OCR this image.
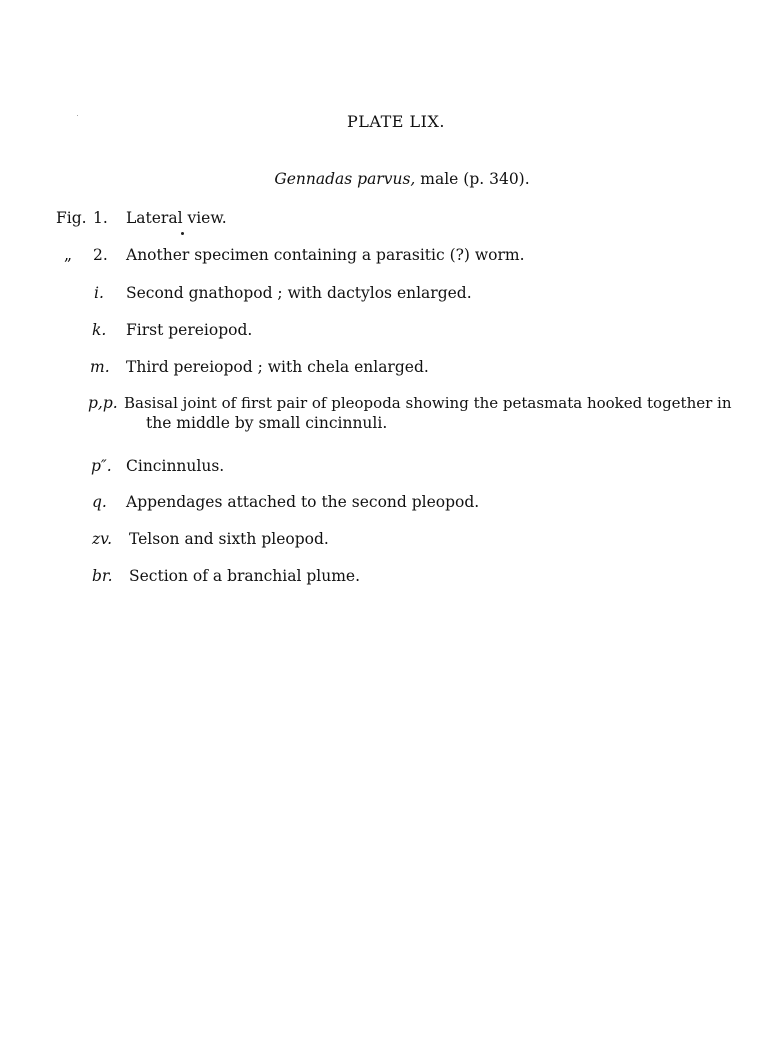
PLATE LIX.
Gennadas parvus, male (p. 340).
Fig. 1. Lateral view.
„ 2. Another specimen containing a parasitic (?) worm.
i. Second gnathopod ; with dactylos enlarged.
k. First pereiopod.
m. Third pereiopod ; with chela enlarged.
p,p. Basisal joint of first pair of pleopoda showing the petasmata hooked together in
the middle by small cincinnuli.
p″. Cincinnulus.
q. Appendages attached to the second pleopod.
zv. Telson and sixth pleopod.
br. Section of a branchial plume.
